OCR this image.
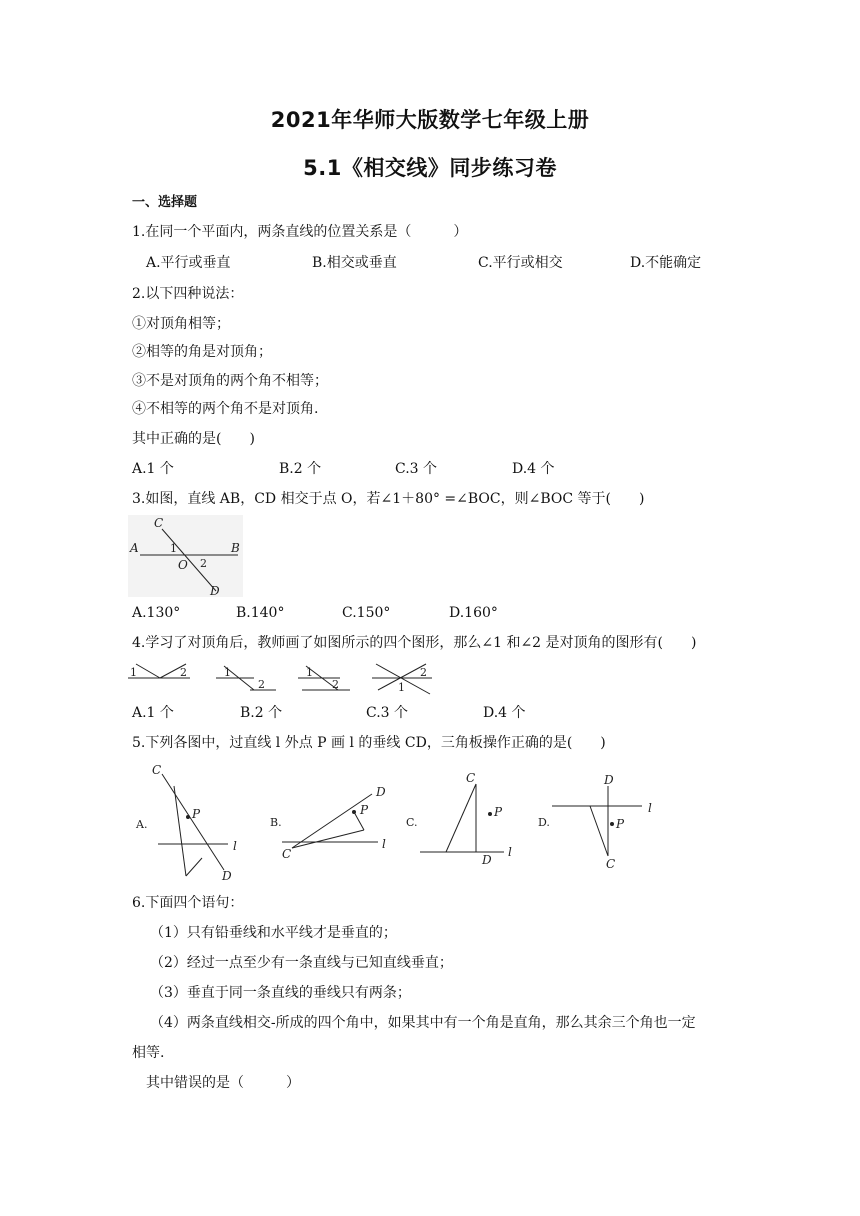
2021年华师大版数学七年级上册
5.1《相交线》同步练习卷
一、选择题
1.在同一个平面内，两条直线的位置关系是（　　　）
A.平行或垂直	B.相交或垂直	C.平行或相交	D.不能确定
2.以下四种说法：
①对顶角相等；
②相等的角是对顶角；
③不是对顶角的两个角不相等；
④不相等的两个角不是对顶角.
其中正确的是(　　)
A.1 个	B.2 个	C.3 个	D.4 个
3.如图，直线 AB，CD 相交于点 O，若∠1＋80° =∠BOC，则∠BOC 等于(　　)
C
A	B
1
O 2
D
A.130°	B.140°	C.150°	D.160°
4.学习了对顶角后，教师画了如图所示的四个图形，那么∠1 和∠2 是对顶角的图形有(　　)
1	2	1
2
1
2
2
1
A.1 个	B.2 个	C.3 个	D.4 个
5.下列各图中，过直线 l 外点 P 画 l 的垂线 CD，三角板操作正确的是(　　)
A.
C
P
l
D
B.
D
P
l
C
C.
C
P
l
D
D.
D
P
l
C
6.下面四个语句：
（1）只有铅垂线和水平线才是垂直的；
（2）经过一点至少有一条直线与已知直线垂直；
（3）垂直于同一条直线的垂线只有两条；
（4）两条直线相交-所成的四个角中，如果其中有一个角是直角，那么其余三个角也一定
相等.
其中错误的是（　　　）
